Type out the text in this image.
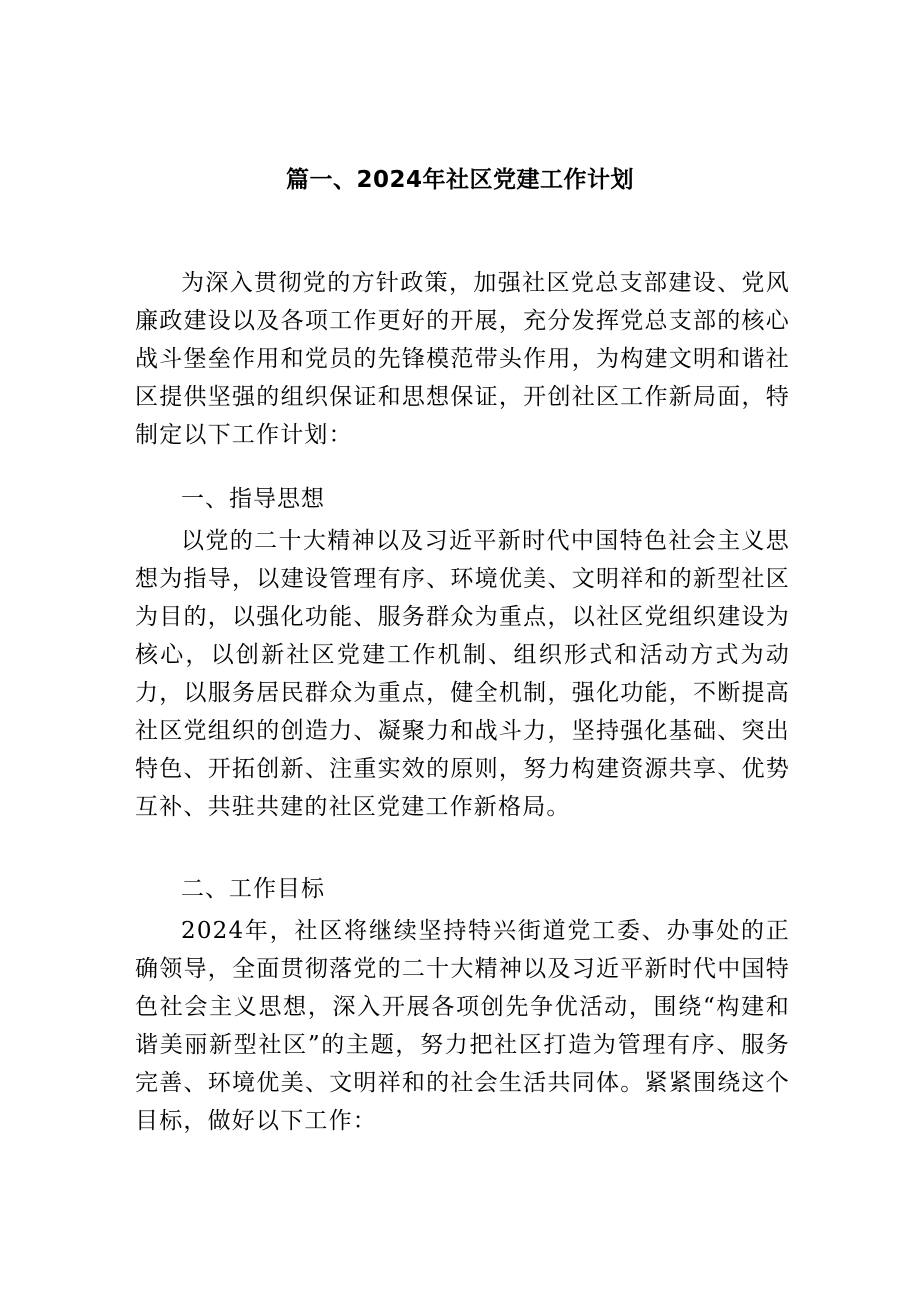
篇一、2024年社区党建工作计划
为深入贯彻党的方针政策，加强社区党总支部建设、党风廉政建设以及各项工作更好的开展，充分发挥党总支部的核心战斗堡垒作用和党员的先锋模范带头作用，为构建文明和谐社区提供坚强的组织保证和思想保证，开创社区工作新局面，特制定以下工作计划：
一、指导思想
以党的二十大精神以及习近平新时代中国特色社会主义思想为指导，以建设管理有序、环境优美、文明祥和的新型社区为目的，以强化功能、服务群众为重点，以社区党组织建设为核心，以创新社区党建工作机制、组织形式和活动方式为动力，以服务居民群众为重点，健全机制，强化功能，不断提高社区党组织的创造力、凝聚力和战斗力，坚持强化基础、突出特色、开拓创新、注重实效的原则，努力构建资源共享、优势互补、共驻共建的社区党建工作新格局。
二、工作目标
2024年，社区将继续坚持特兴街道党工委、办事处的正确领导，全面贯彻落党的二十大精神以及习近平新时代中国特色社会主义思想，深入开展各项创先争优活动，围绕“构建和谐美丽新型社区”的主题，努力把社区打造为管理有序、服务完善、环境优美、文明祥和的社会生活共同体。紧紧围绕这个目标，做好以下工作：
